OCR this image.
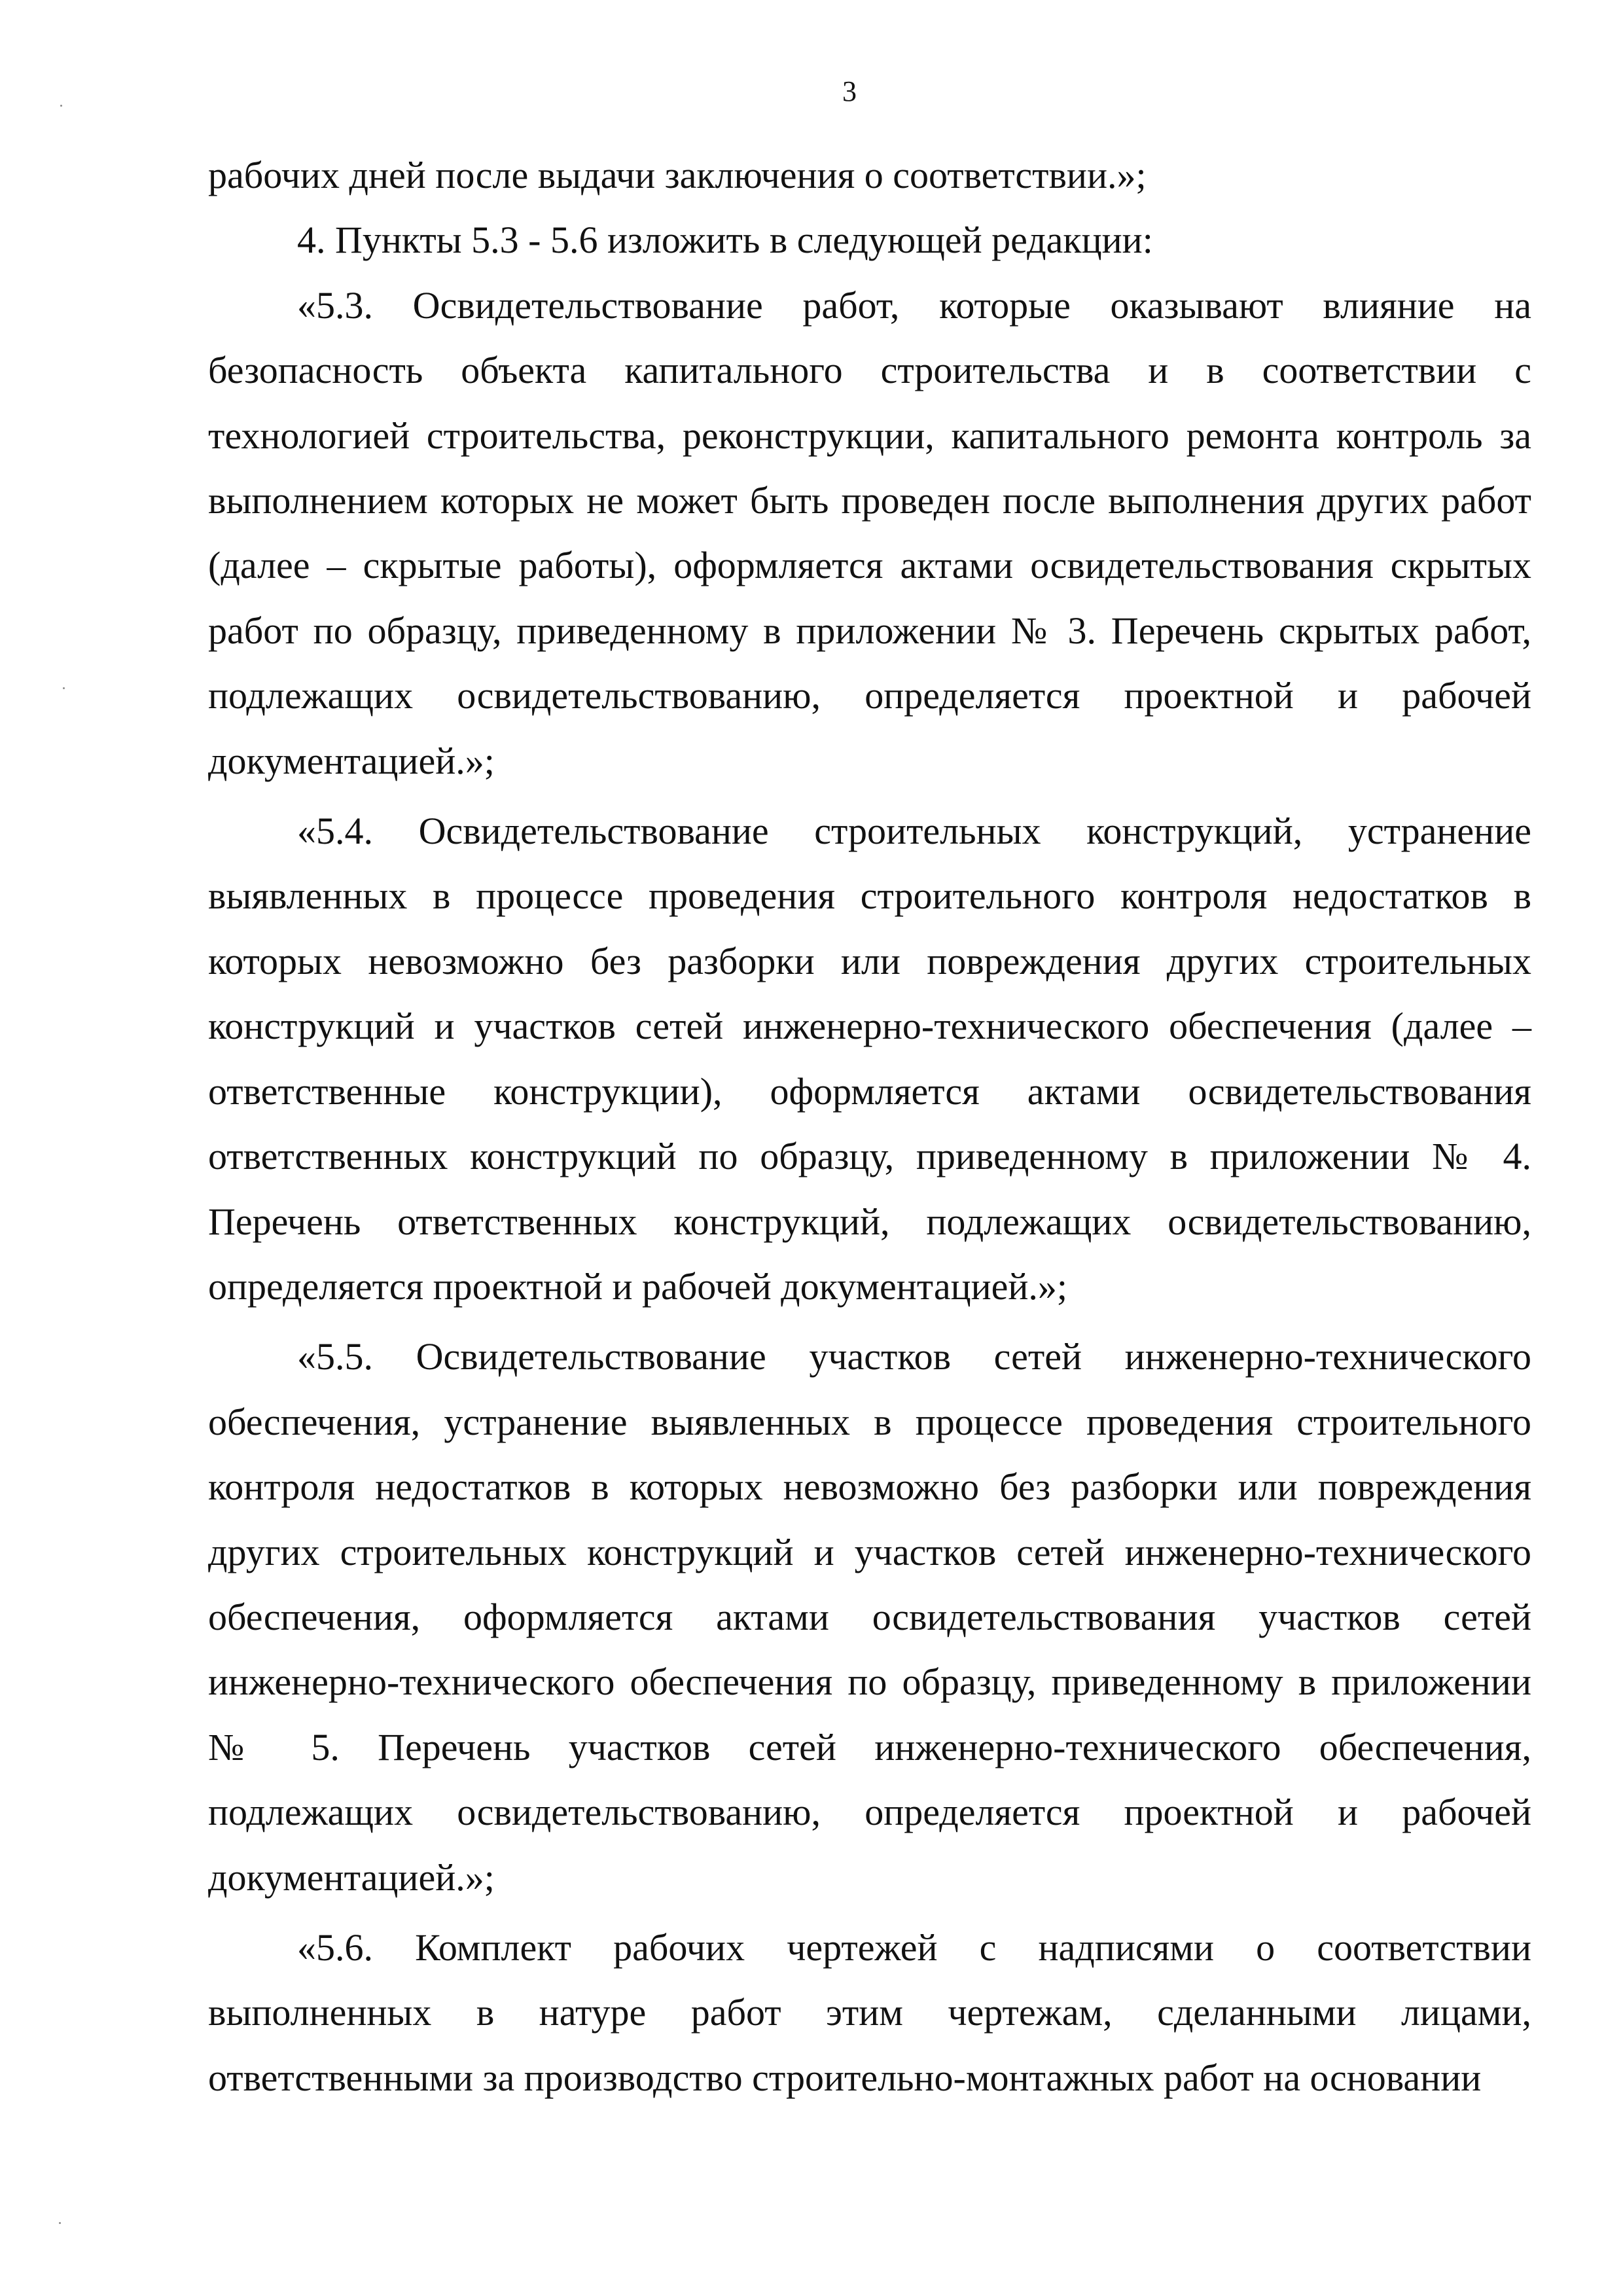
3

рабочих дней после выдачи заключения о соответствии.»;

4. Пункты 5.3 - 5.6 изложить в следующей редакции:

«5.3. Освидетельствование работ, которые оказывают влияние на безопасность объекта капитального строительства и в соответствии с технологией строительства, реконструкции, капитального ремонта контроль за выполнением которых не может быть проведен после выполнения других работ (далее – скрытые работы), оформляется актами освидетельствования скрытых работ по образцу, приведенному в приложении № 3. Перечень скрытых работ, подлежащих освидетельствованию, определяется проектной и рабочей документацией.»;

«5.4. Освидетельствование строительных конструкций, устранение выявленных в процессе проведения строительного контроля недостатков в которых невозможно без разборки или повреждения других строительных конструкций и участков сетей инженерно-технического обеспечения (далее – ответственные конструкции), оформляется актами освидетельствования ответственных конструкций по образцу, приведенному в приложении № 4. Перечень ответственных конструкций, подлежащих освидетельствованию, определяется проектной и рабочей документацией.»;

«5.5. Освидетельствование участков сетей инженерно-технического обеспечения, устранение выявленных в процессе проведения строительного контроля недостатков в которых невозможно без разборки или повреждения других строительных конструкций и участков сетей инженерно-технического обеспечения, оформляется актами освидетельствования участков сетей инженерно-технического обеспечения по образцу, приведенному в приложении № 5. Перечень участков сетей инженерно-технического обеспечения, подлежащих освидетельствованию, определяется проектной и рабочей документацией.»;

«5.6. Комплект рабочих чертежей с надписями о соответствии выполненных в натуре работ этим чертежам, сделанными лицами, ответственными за производство строительно-монтажных работ на основании
